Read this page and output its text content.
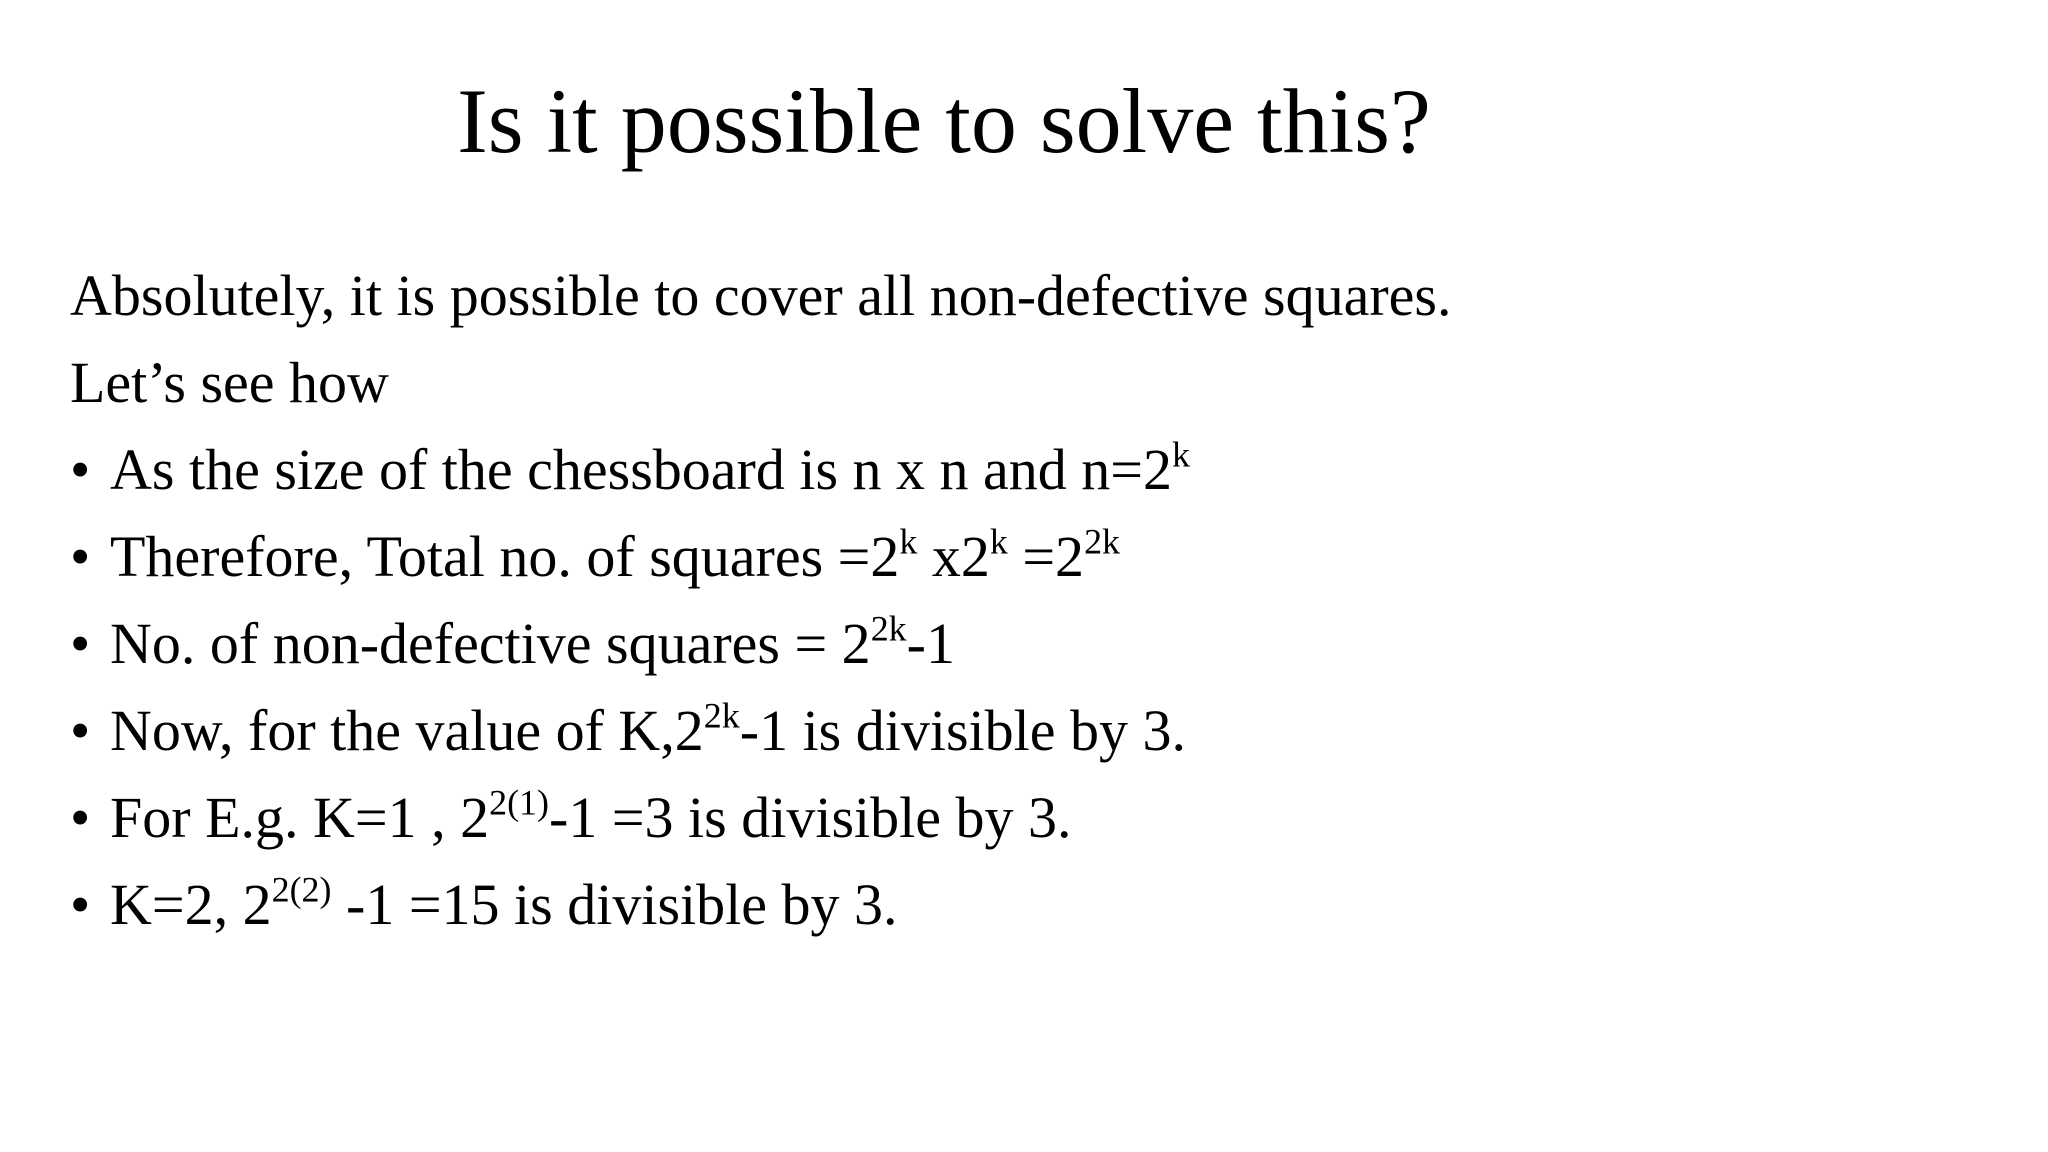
Is it possible to solve this?
Absolutely, it is possible to cover all non-defective squares.
Let’s see how
• As the size of the chessboard is n x n and $n=2^k$
• Therefore, Total no. of squares $=2^k$ $x2^k =2^{2k}$
• No. of non-defective squares = $2^{2k}-1$
• Now, for the value of $K,2^{2k}-1$ is divisible by 3.
• For E.g. K=1 , $2^{2(1)}-1 =3$ is divisible by 3.
• K=2, $2^{2(2)}$ -1 =15 is divisible by 3.
